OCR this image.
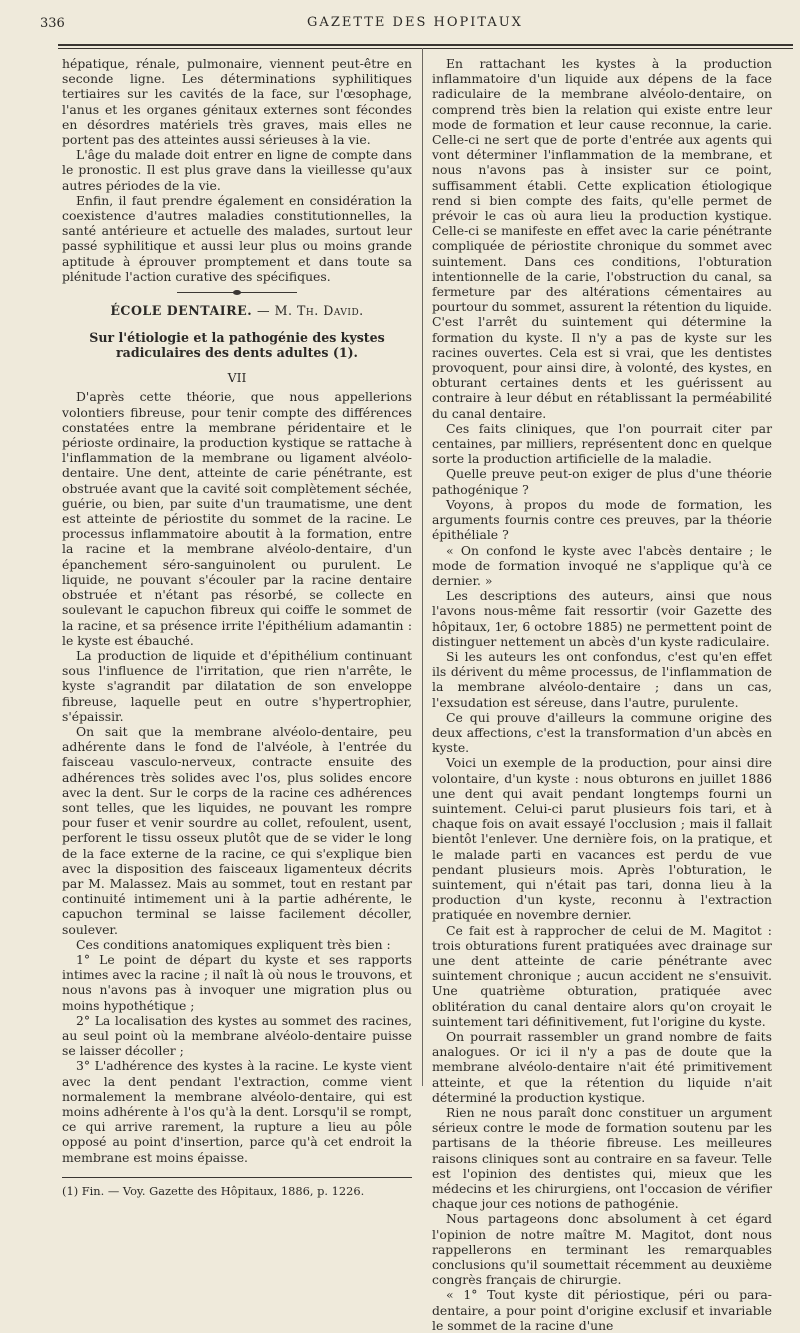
336	GAZETTE DES HOPITAUX

hépatique, rénale, pulmonaire, viennent peut-être en seconde ligne. Les déterminations syphilitiques tertiaires sur les cavités de la face, sur l'œsophage, l'anus et les organes génitaux externes sont fécondes en désordres matériels très graves, mais elles ne portent pas des atteintes aussi sérieuses à la vie.

L'âge du malade doit entrer en ligne de compte dans le pronostic. Il est plus grave dans la vieillesse qu'aux autres périodes de la vie.

Enfin, il faut prendre également en considération la coexistence d'autres maladies constitutionnelles, la santé antérieure et actuelle des malades, surtout leur passé syphilitique et aussi leur plus ou moins grande aptitude à éprouver promptement et dans toute sa plénitude l'action curative des spécifiques.

ÉCOLE DENTAIRE. — M. Th. David.
Sur l'étiologie et la pathogénie des kystes radiculaires des dents adultes (1).
VII

D'après cette théorie, que nous appellerions volontiers fibreuse, pour tenir compte des différences constatées entre la membrane péridentaire et le périoste ordinaire, la production kystique se rattache à l'inflammation de la membrane ou ligament alvéolo-dentaire. Une dent, atteinte de carie pénétrante, est obstruée avant que la cavité soit complètement séchée, guérie, ou bien, par suite d'un traumatisme, une dent est atteinte de périostite du sommet de la racine. Le processus inflammatoire aboutit à la formation, entre la racine et la membrane alvéolo-dentaire, d'un épanchement séro-sanguinolent ou purulent. Le liquide, ne pouvant s'écouler par la racine dentaire obstruée et n'étant pas résorbé, se collecte en soulevant le capuchon fibreux qui coiffe le sommet de la racine, et sa présence irrite l'épithélium adamantin : le kyste est ébauché.

La production de liquide et d'épithélium continuant sous l'influence de l'irritation, que rien n'arrête, le kyste s'agrandit par dilatation de son enveloppe fibreuse, laquelle peut en outre s'hypertrophier, s'épaissir.

On sait que la membrane alvéolo-dentaire, peu adhérente dans le fond de l'alvéole, à l'entrée du faisceau vasculo-nerveux, contracte ensuite des adhérences très solides avec l'os, plus solides encore avec la dent. Sur le corps de la racine ces adhérences sont telles, que les liquides, ne pouvant les rompre pour fuser et venir sourdre au collet, refoulent, usent, perforent le tissu osseux plutôt que de se vider le long de la face externe de la racine, ce qui s'explique bien avec la disposition des faisceaux ligamenteux décrits par M. Malassez. Mais au sommet, tout en restant par continuité intimement uni à la partie adhérente, le capuchon terminal se laisse facilement décoller, soulever.

Ces conditions anatomiques expliquent très bien :

1° Le point de départ du kyste et ses rapports intimes avec la racine ; il naît là où nous le trouvons, et nous n'avons pas à invoquer une migration plus ou moins hypothétique ;

2° La localisation des kystes au sommet des racines, au seul point où la membrane alvéolo-dentaire puisse se laisser décoller ;

3° L'adhérence des kystes à la racine. Le kyste vient avec la dent pendant l'extraction, comme vient normalement la membrane alvéolo-dentaire, qui est moins adhérente à l'os qu'à la dent. Lorsqu'il se rompt, ce qui arrive rarement, la rupture a lieu au pôle opposé au point d'insertion, parce qu'à cet endroit la membrane est moins épaisse.

(1) Fin. — Voy. Gazette des Hôpitaux, 1886, p. 1226.

En rattachant les kystes à la production inflammatoire d'un liquide aux dépens de la face radiculaire de la membrane alvéolo-dentaire, on comprend très bien la relation qui existe entre leur mode de formation et leur cause reconnue, la carie. Celle-ci ne sert que de porte d'entrée aux agents qui vont déterminer l'inflammation de la membrane, et nous n'avons pas à insister sur ce point, suffisamment établi. Cette explication étiologique rend si bien compte des faits, qu'elle permet de prévoir le cas où aura lieu la production kystique. Celle-ci se manifeste en effet avec la carie pénétrante compliquée de périostite chronique du sommet avec suintement. Dans ces conditions, l'obturation intentionnelle de la carie, l'obstruction du canal, sa fermeture par des altérations cémentaires au pourtour du sommet, assurent la rétention du liquide. C'est l'arrêt du suintement qui détermine la formation du kyste. Il n'y a pas de kyste sur les racines ouvertes. Cela est si vrai, que les dentistes provoquent, pour ainsi dire, à volonté, des kystes, en obturant certaines dents et les guérissent au contraire à leur début en rétablissant la perméabilité du canal dentaire.

Ces faits cliniques, que l'on pourrait citer par centaines, par milliers, représentent donc en quelque sorte la production artificielle de la maladie.

Quelle preuve peut-on exiger de plus d'une théorie pathogénique ?

Voyons, à propos du mode de formation, les arguments fournis contre ces preuves, par la théorie épithéliale ?

« On confond le kyste avec l'abcès dentaire ; le mode de formation invoqué ne s'applique qu'à ce dernier. »

Les descriptions des auteurs, ainsi que nous l'avons nous-même fait ressortir (voir Gazette des hôpitaux, 1er, 6 octobre 1885) ne permettent point de distinguer nettement un abcès d'un kyste radiculaire.

Si les auteurs les ont confondus, c'est qu'en effet ils dérivent du même processus, de l'inflammation de la membrane alvéolo-dentaire ; dans un cas, l'exsudation est séreuse, dans l'autre, purulente.

Ce qui prouve d'ailleurs la commune origine des deux affections, c'est la transformation d'un abcès en kyste.

Voici un exemple de la production, pour ainsi dire volontaire, d'un kyste : nous obturons en juillet 1886 une dent qui avait pendant longtemps fourni un suintement. Celui-ci parut plusieurs fois tari, et à chaque fois on avait essayé l'occlusion ; mais il fallait bientôt l'enlever. Une dernière fois, on la pratique, et le malade parti en vacances est perdu de vue pendant plusieurs mois. Après l'obturation, le suintement, qui n'était pas tari, donna lieu à la production d'un kyste, reconnu à l'extraction pratiquée en novembre dernier.

Ce fait est à rapprocher de celui de M. Magitot : trois obturations furent pratiquées avec drainage sur une dent atteinte de carie pénétrante avec suintement chronique ; aucun accident ne s'ensuivit. Une quatrième obturation, pratiquée avec oblitération du canal dentaire alors qu'on croyait le suintement tari définitivement, fut l'origine du kyste.

On pourrait rassembler un grand nombre de faits analogues. Or ici il n'y a pas de doute que la membrane alvéolo-dentaire n'ait été primitivement atteinte, et que la rétention du liquide n'ait déterminé la production kystique.

Rien ne nous paraît donc constituer un argument sérieux contre le mode de formation soutenu par les partisans de la théorie fibreuse. Les meilleures raisons cliniques sont au contraire en sa faveur. Telle est l'opinion des dentistes qui, mieux que les médecins et les chirurgiens, ont l'occasion de vérifier chaque jour ces notions de pathogénie.

Nous partageons donc absolument à cet égard l'opinion de notre maître M. Magitot, dont nous rappellerons en terminant les remarquables conclusions qu'il soumettait récemment au deuxième congrès français de chirurgie.

« 1° Tout kyste dit périostique, péri ou para-dentaire, a pour point d'origine exclusif et invariable le sommet de la racine d'une
